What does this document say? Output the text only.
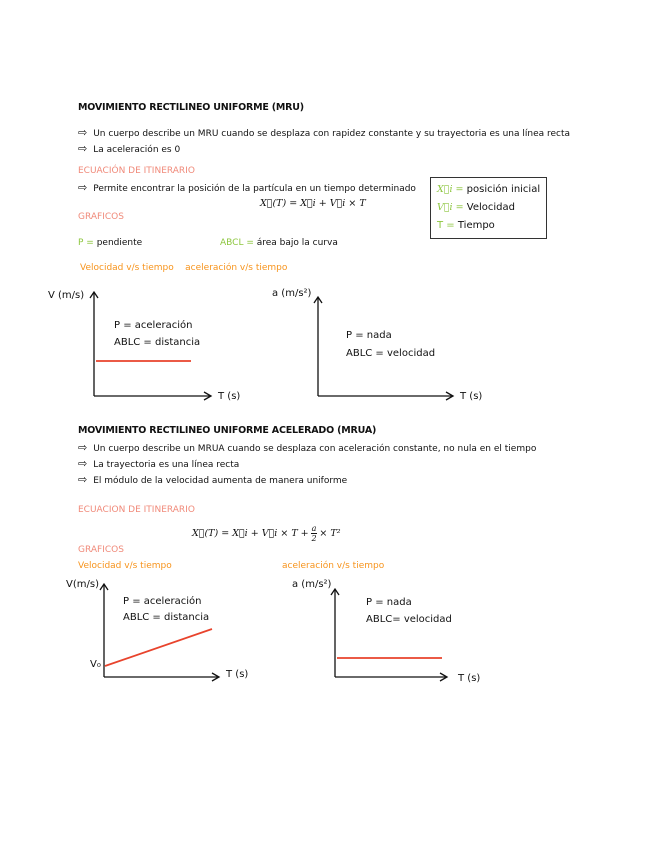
MOVIMIENTO RECTILINEO UNIFORME (MRU)
⇨ Un cuerpo describe un MRU cuando se desplaza con rapidez constante y su trayectoria es una línea recta
⇨ La aceleración es 0
ECUACIÓN DE ITINERARIO
⇨ Permite encontrar la posición de la partícula en un tiempo determinado
X⃗(T) = X⃗i + V⃗i × T
X⃗i = posición inicial
V⃗i = Velocidad
T = Tiempo
GRAFICOS
P = pendiente	ABCL = área bajo la curva
Velocidad v/s tiempo    aceleración v/s tiempo
V (m/s)
P = aceleración
ABLC = distancia
T (s)
a (m/s²)
P = nada
ABLC = velocidad
T (s)
MOVIMIENTO RECTILINEO UNIFORME ACELERADO (MRUA)
⇨ Un cuerpo describe un MRUA cuando se desplaza con aceleración constante, no nula en el tiempo
⇨ La trayectoria es una línea recta
⇨ El módulo de la velocidad aumenta de manera uniforme
ECUACION DE ITINERARIO
X⃗(T) = X⃗i + V⃗i × $T + \frac{a}{2} \times T^2$
GRAFICOS
Velocidad v/s tiempo	aceleración v/s tiempo
V(m/s)
V₀
P = aceleración
ABLC = distancia
T (s)
a (m/s²)
P = nada
ABLC= velocidad
T (s)
